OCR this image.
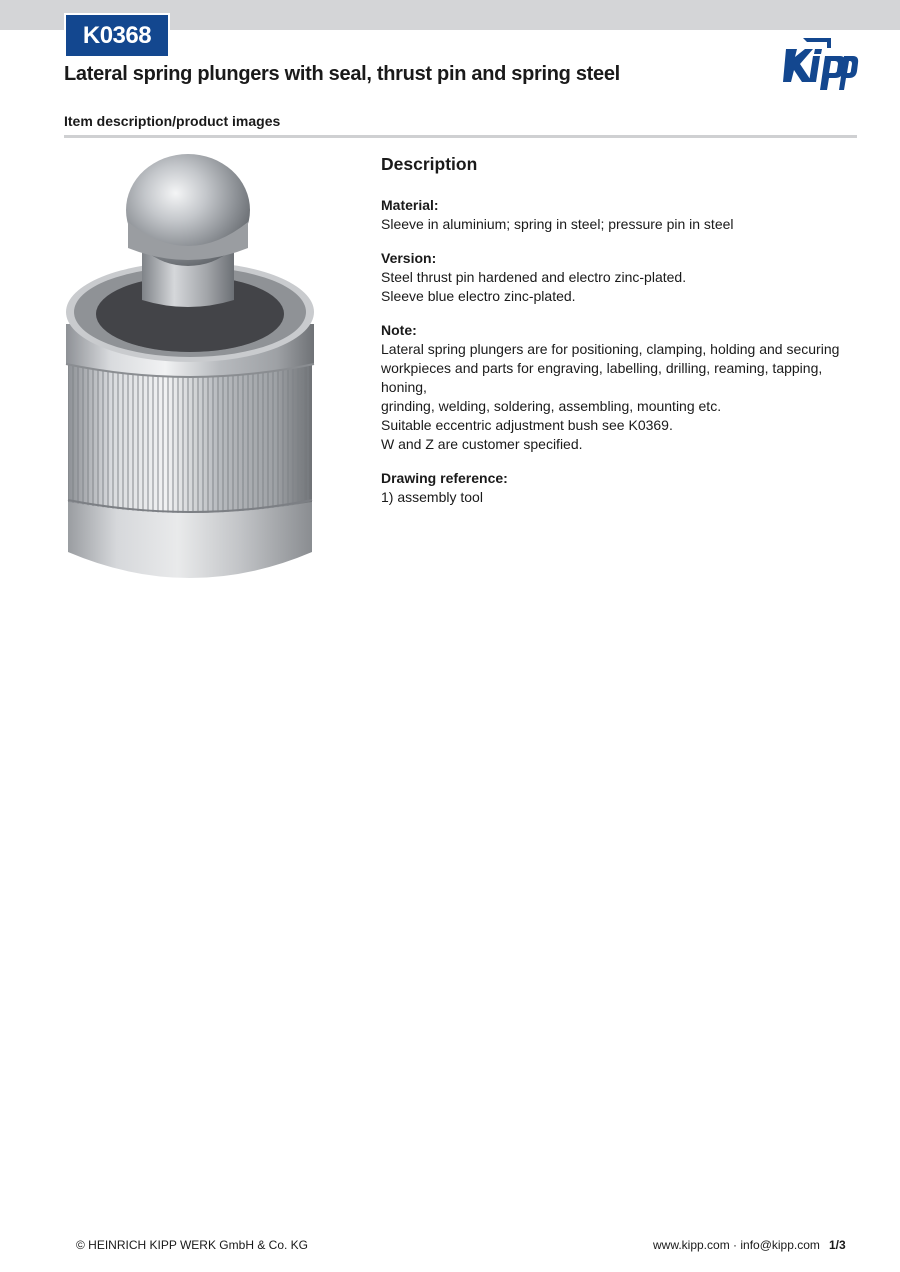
K0368
Lateral spring plungers with seal, thrust pin and spring steel
Kipp
Item description/product images
Description
Material:
Sleeve in aluminium; spring in steel; pressure pin in steel
Version:
Steel thrust pin hardened and electro zinc-plated.
Sleeve blue electro zinc-plated.
Note:
Lateral spring plungers are for positioning, clamping, holding and securing
workpieces and parts for engraving, labelling, drilling, reaming, tapping, honing,
grinding, welding, soldering, assembling, mounting etc.
Suitable eccentric adjustment bush see K0369.
W and Z are customer specified.
Drawing reference:
1) assembly tool
© HEINRICH KIPP WERK GmbH & Co. KG	www.kipp.com · info@kipp.com 1/3
